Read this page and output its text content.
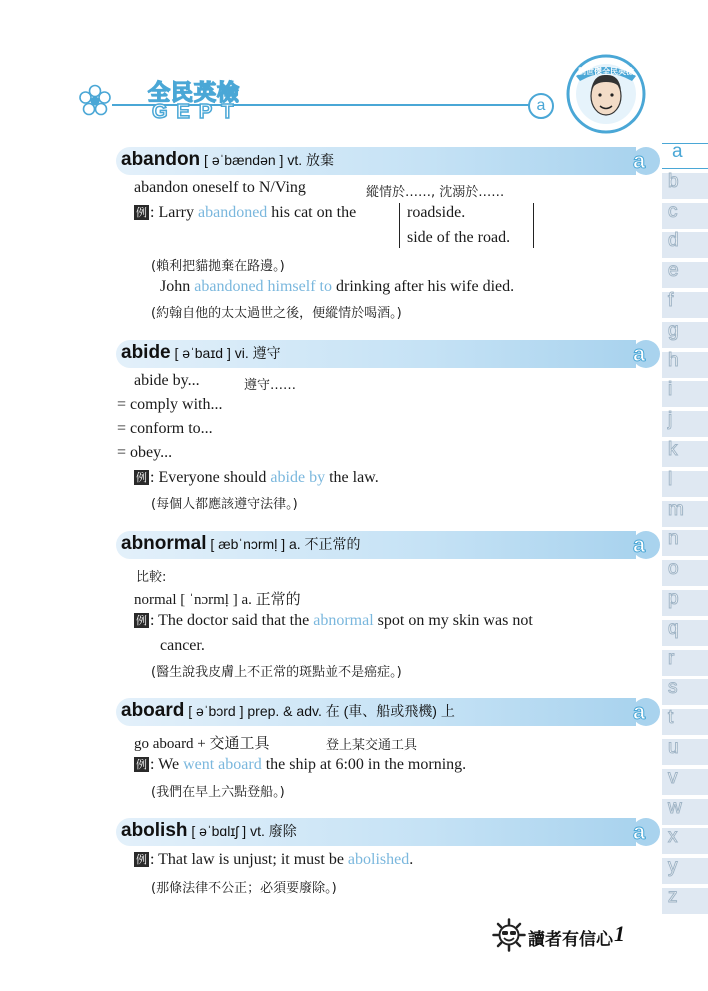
全民英檢
GEPT	a
劉世傑全民英檢
a
b
c
d
e
f
g
h
i
j
k
l
m
n
o
p
q
r
s
t
u
v
w
x
y
z
abandon [ əˈbændən ] vt. 放棄	a
abandon oneself to N/Ving	縱情於……, 沈溺於……
例 : Larry abandoned his cat on the	roadside.
side of the road.
(賴利把貓拋棄在路邊。)
John abandoned himself to drinking after his wife died.
(約翰自他的太太過世之後，便縱情於喝酒。)
abide [ əˈbaɪd ] vi. 遵守	a
abide by...	遵守……
= comply with...
= conform to...
= obey...
例 : Everyone should abide by the law.
(每個人都應該遵守法律。)
abnormal [ æbˈnɔrmḷ ] a. 不正常的	a
比較:
normal [ ˈnɔrmḷ ] a. 正常的
例 : The doctor said that the abnormal spot on my skin was not
cancer.
(醫生說我皮膚上不正常的斑點並不是癌症。)
aboard [ əˈbɔrd ] prep. & adv. 在 (車、船或飛機) 上	a
go aboard + 交通工具	登上某交通工具
例 : We went aboard the ship at 6:00 in the morning.
(我們在早上六點登船。)
abolish [ əˈbɑlɪʃ ] vt. 廢除	a
例 : That law is unjust; it must be abolished.
(那條法律不公正；必須要廢除。)
讀者有信心 1
